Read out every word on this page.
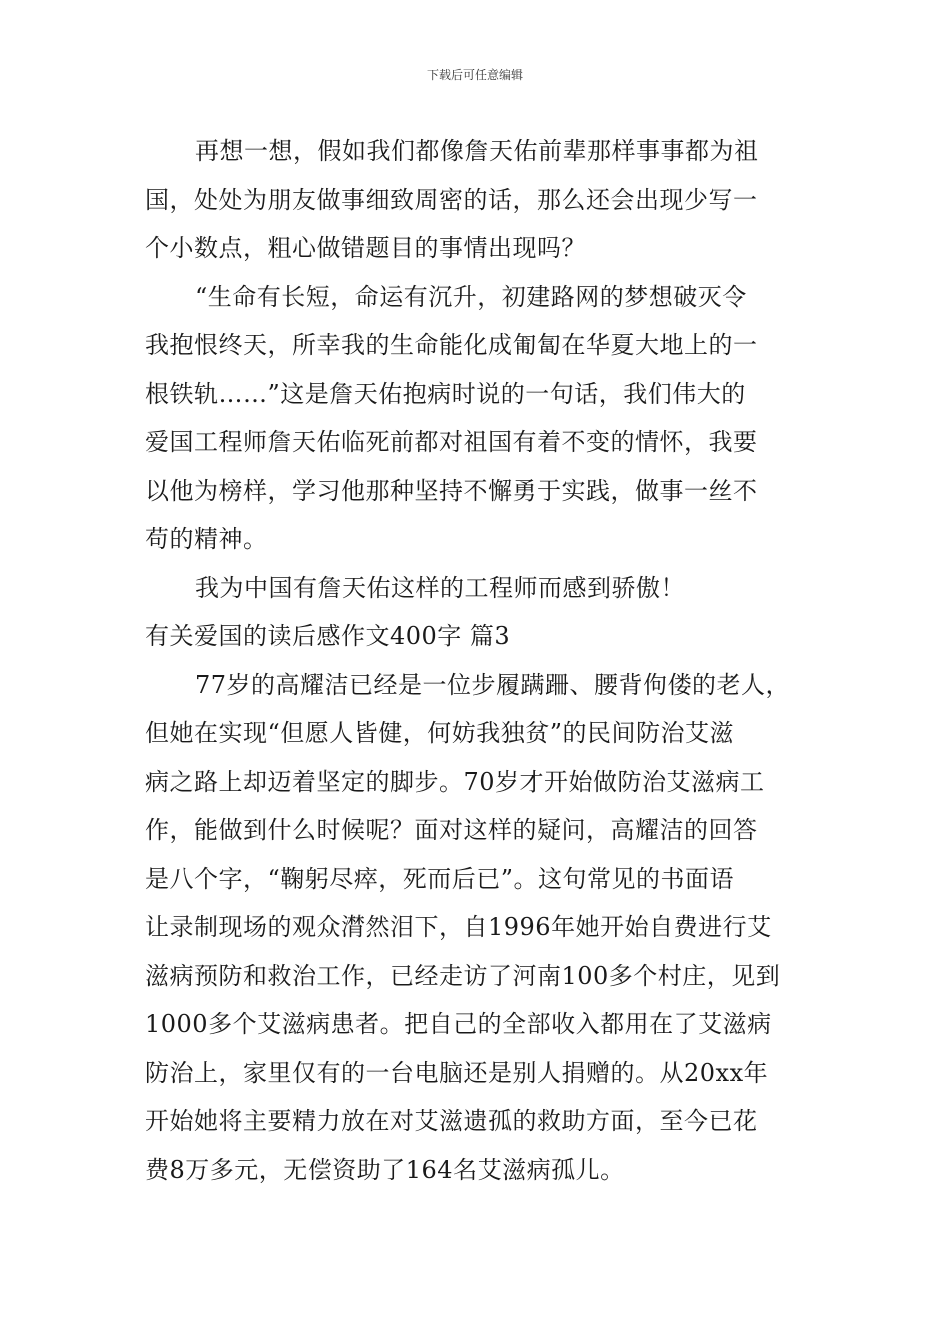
下载后可任意编辑
再想一想，假如我们都像詹天佑前辈那样事事都为祖
国，处处为朋友做事细致周密的话，那么还会出现少写一
个小数点，粗心做错题目的事情出现吗？
“生命有长短，命运有沉升，初建路网的梦想破灭令
我抱恨终天，所幸我的生命能化成匍匐在华夏大地上的一
根铁轨……”这是詹天佑抱病时说的一句话，我们伟大的
爱国工程师詹天佑临死前都对祖国有着不变的情怀，我要
以他为榜样，学习他那种坚持不懈勇于实践，做事一丝不
苟的精神。
我为中国有詹天佑这样的工程师而感到骄傲！
有关爱国的读后感作文400字 篇3
77岁的高耀洁已经是一位步履蹒跚、腰背佝偻的老人，
但她在实现“但愿人皆健，何妨我独贫”的民间防治艾滋
病之路上却迈着坚定的脚步。70岁才开始做防治艾滋病工
作，能做到什么时候呢？面对这样的疑问，高耀洁的回答
是八个字，“鞠躬尽瘁，死而后已”。这句常见的书面语
让录制现场的观众潸然泪下，自1996年她开始自费进行艾
滋病预防和救治工作，已经走访了河南100多个村庄，见到
1000多个艾滋病患者。把自己的全部收入都用在了艾滋病
防治上，家里仅有的一台电脑还是别人捐赠的。从20xx年
开始她将主要精力放在对艾滋遗孤的救助方面，至今已花
费8万多元，无偿资助了164名艾滋病孤儿。
